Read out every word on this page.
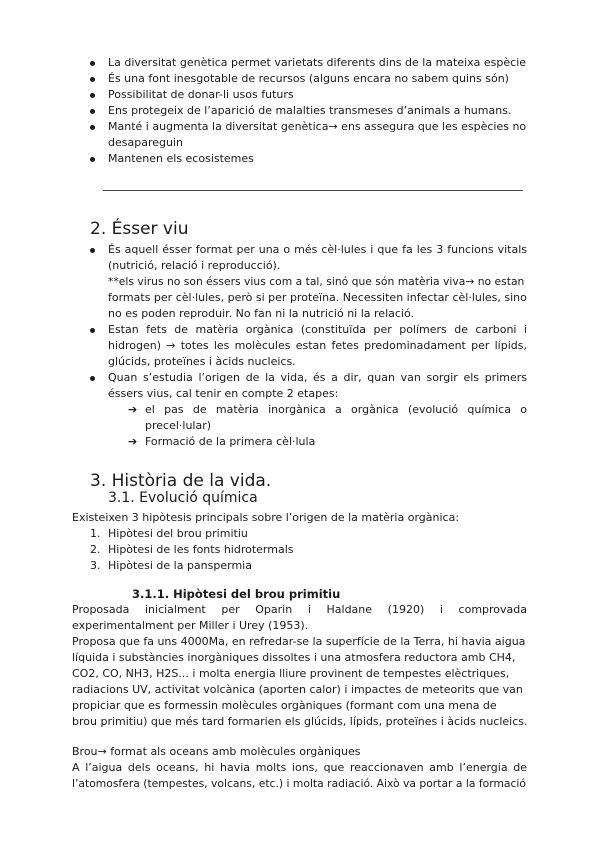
La diversitat genètica permet varietats diferents dins de la mateixa espècie
És una font inesgotable de recursos (alguns encara no sabem quins són)
Possibilitat de donar-li usos futurs
Ens protegeix de l’aparició de malalties transmeses d’animals a humans.
Manté i augmenta la diversitat genètica→ ens assegura que les espècies no
desapareguin
Mantenen els ecosistemes
2. Ésser viu
És aquell ésser format per una o més cèl·lules i que fa les 3 funcions vitals
(nutrició, relació i reproducció).
**els virus no son éssers vius com a tal, sinó que són matèria viva→ no estan
formats per cèl·lules, però si per proteïna. Necessiten infectar cèl·lules, sino
no es poden reproduir. No fan ni la nutrició ni la relació.
Estan fets de matèria orgànica (constituïda per polímers de carboni i
hidrogen) → totes les molècules estan fetes predominadament per lípids,
glúcids, proteïnes i àcids nucleics.
Quan s’estudia l’origen de la vida, és a dir, quan van sorgir els primers
éssers vius, cal tenir en compte 2 etapes:
➔ el pas de matèria inorgànica a orgànica (evolució química o
precel·lular)
➔ Formació de la primera cèl·lula
3. Història de la vida.
3.1. Evolució química
Existeixen 3 hipòtesis principals sobre l’origen de la matèria orgànica:
1. Hipòtesi del brou primitiu
2. Hipòtesi de les fonts hidrotermals
3. Hipòtesi de la panspermia
3.1.1. Hipòtesi del brou primitiu
Proposada inicialment per Oparin i Haldane (1920) i comprovada
experimentalment per Miller i Urey (1953).
Proposa que fa uns 4000Ma, en refredar-se la superfície de la Terra, hi havia aigua
líquida i substàncies inorgàniques dissoltes i una atmosfera reductora amb CH4,
CO2, CO, NH3, H2S... i molta energia lliure provinent de tempestes elèctriques,
radiacions UV, activitat volcànica (aporten calor) i impactes de meteorits que van
propiciar que es formessin molècules orgàniques (formant com una mena de
brou primitiu) que més tard formarien els glúcids, lípids, proteïnes i àcids nucleics.
Brou→ format als oceans amb molècules orgàniques
A l’aigua dels oceans, hi havia molts ions, que reaccionaven amb l’energia de
l’atomosfera (tempestes, volcans, etc.) i molta radiació. Això va portar a la formació
